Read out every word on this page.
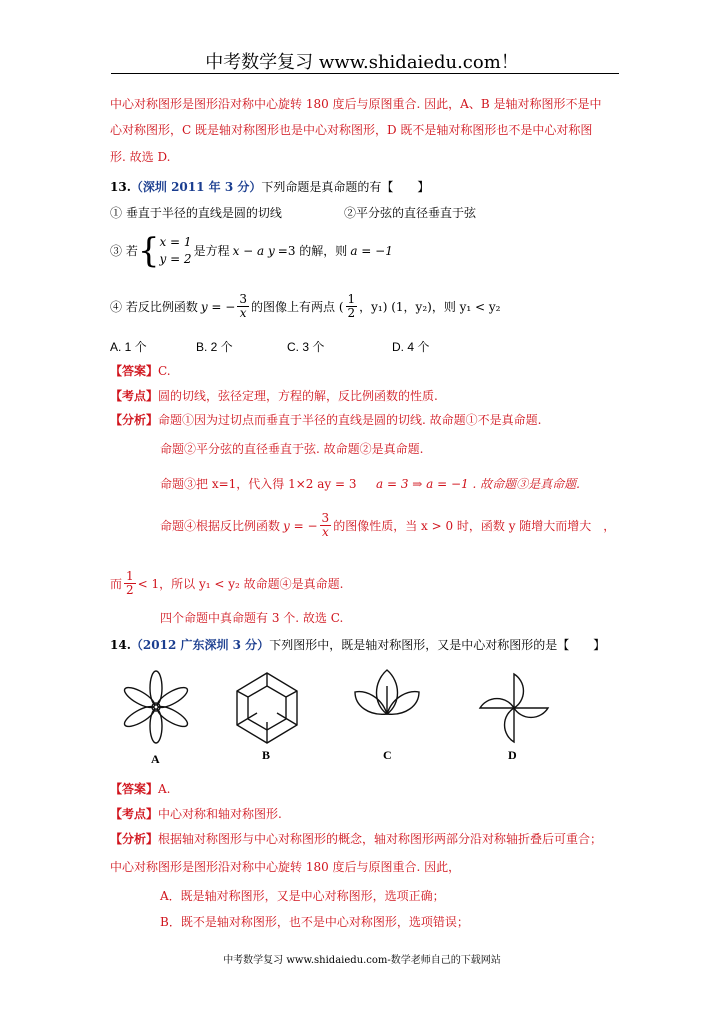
中考数学复习 www.shidaiedu.com！
中心对称图形是图形沿对称中心旋转 180 度后与原图重合. 因此，A、B 是轴对称图形不是中
心对称图形，C 既是轴对称图形也是中心对称图形，D 既不是轴对称图形也不是中心对称图
形. 故选 D.
13.（深圳 2011 年 3 分）下列命题是真命题的有【　　】
① 垂直于半径的直线是圆的切线	②平分弦的直径垂直于弦
③ 若 { x = 1
y = 2
是方程 x − a y =3 的解，则 a = −1
④ 若反比例函数 y = − $\frac{3}{x}$ 的图像上有两点 ( $\frac{1}{2}$ ，y₁) (1，y₂)，则 y₁ < y₂
A. 1 个	B. 2 个	C. 3 个	D. 4 个
【答案】C.
【考点】圆的切线，弦径定理，方程的解，反比例函数的性质.
【分析】命题①因为过切点而垂直于半径的直线是圆的切线. 故命题①不是真命题.
命题②平分弦的直径垂直于弦. 故命题②是真命题.
命题③把 x=1，代入得 1×2 ay = 3 a = 3 ⇒ a = −1 . 故命题③是真命题.
命题④根据反比例函数 y = − $\frac{3}{x}$ 的图像性质，当 x > 0 时，函数 y 随增大而增大　，
而 $\frac{1}{2} < 1$，所以 y₁ < y₂ 故命题④是真命题.
四个命题中真命题有 3 个. 故选 C.
14.（2012 广东深圳 3 分）下列图形中，既是轴对称图形，又是中心对称图形的是【　　】
A	B	C	D
【答案】A.
【考点】中心对称和轴对称图形.
【分析】根据轴对称图形与中心对称图形的概念，轴对称图形两部分沿对称轴折叠后可重合；
中心对称图形是图形沿对称中心旋转 180 度后与原图重合. 因此，
A．既是轴对称图形，又是中心对称图形，选项正确；
B．既不是轴对称图形，也不是中心对称图形，选项错误；
中考数学复习 www.shidaiedu.com-数学老师自己的下载网站
